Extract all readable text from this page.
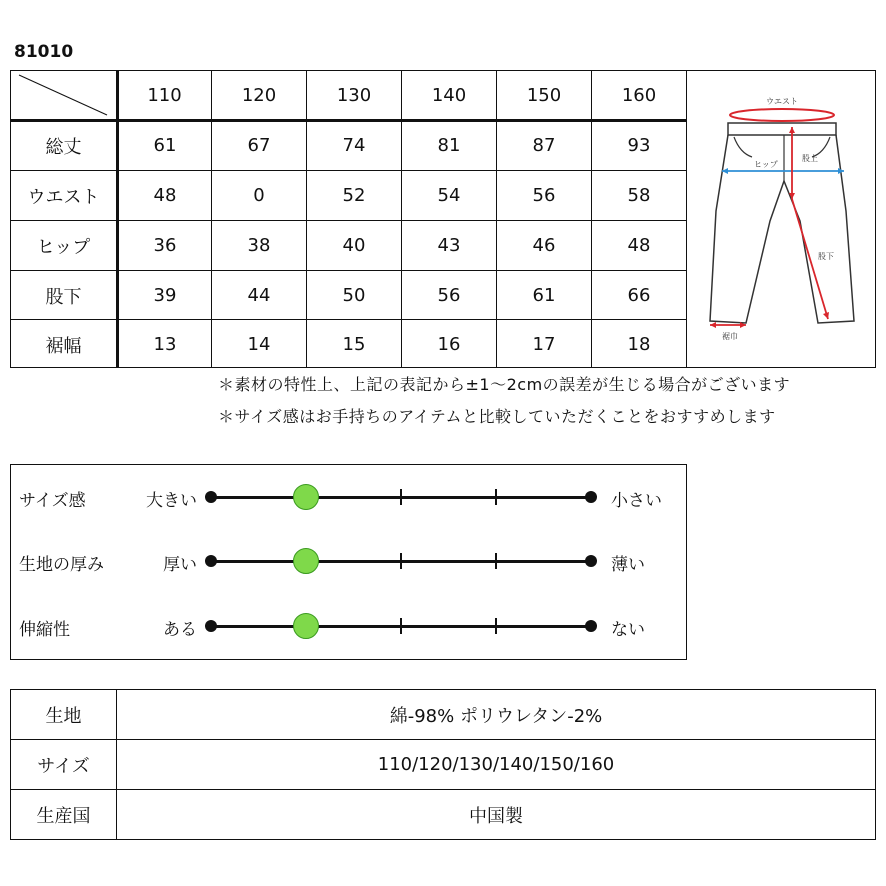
81010
110	120	130	140	150	160
総丈	61	67	74	81	87	93
ウエスト	48	0	52	54	56	58
ヒップ	36	38	40	43	46	48
股下	39	44	50	56	61	66
裾幅	13	14	15	16	17	18
ウエスト
ヒップ
股上
股下
裾巾
＊素材の特性上、上記の表記から±1〜2cmの誤差が生じる場合がございます
＊サイズ感はお手持ちのアイテムと比較していただくことをおすすめします
サイズ感	大きい	小さい
生地の厚み	厚い	薄い
伸縮性	ある	ない
生地	綿-98% ポリウレタン-2%
サイズ	110/120/130/140/150/160
生産国	中国製
